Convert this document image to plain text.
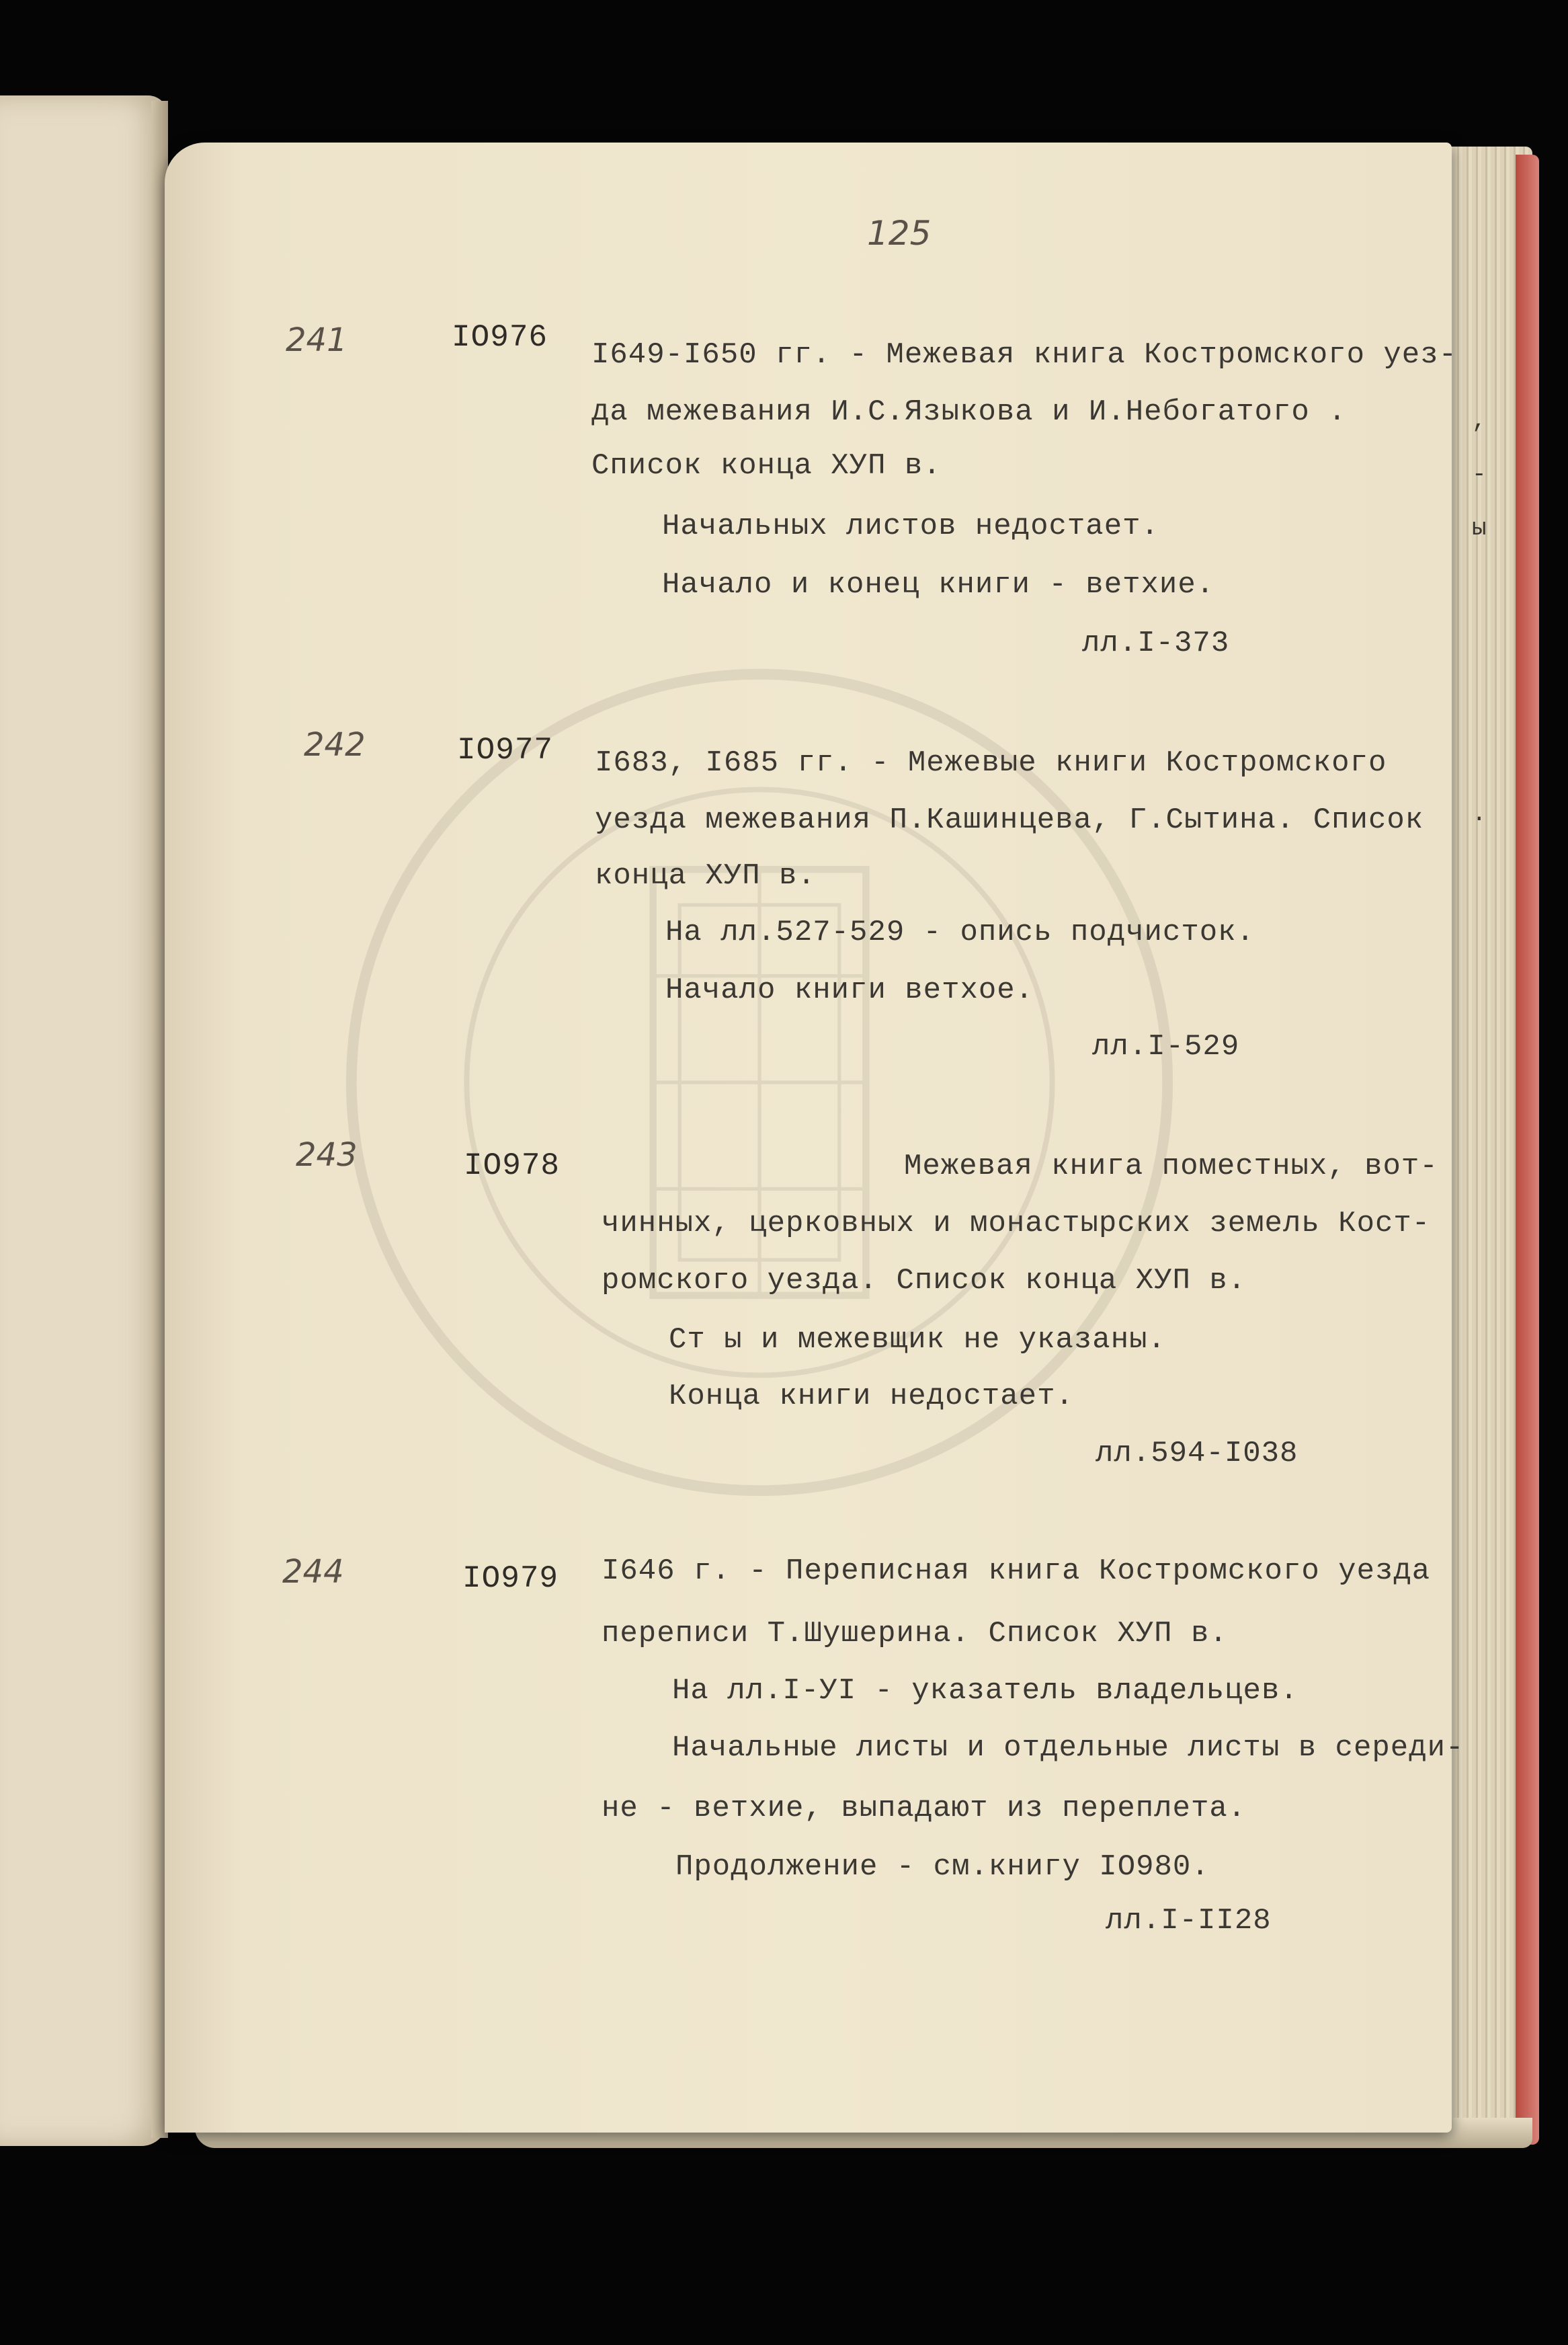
,
-
ы
.
125
241	IO976 I649-I650 гг. - Межевая книга Костромского уез-
да межевания И.С.Языкова и И.Небогатого .
Список конца ХУП в.
Начальных листов недостает.
Начало и конец книги - ветхие.
лл.I-373
242	IO977 I683, I685 гг. - Межевые книги Костромского
уезда межевания П.Кашинцева, Г.Сытина. Список
конца ХУП в.
На лл.527-529 - опись подчисток.
Начало книги ветхое.
лл.I-529
243	IO978	Межевая книга поместных, вот-
чинных, церковных и монастырских земель Кост-
ромского уезда. Список конца ХУП в.
Ст ы и межевщик не указаны.
Конца книги недостает.
лл.594-I038
244	IO979 I646 г. - Переписная книга Костромского уезда
переписи Т.Шушерина. Список ХУП в.
На лл.I-УI - указатель владельцев.
Начальные листы и отдельные листы в середи-
не - ветхие, выпадают из переплета.
Продолжение - см.книгу IO980.
лл.I-II28
